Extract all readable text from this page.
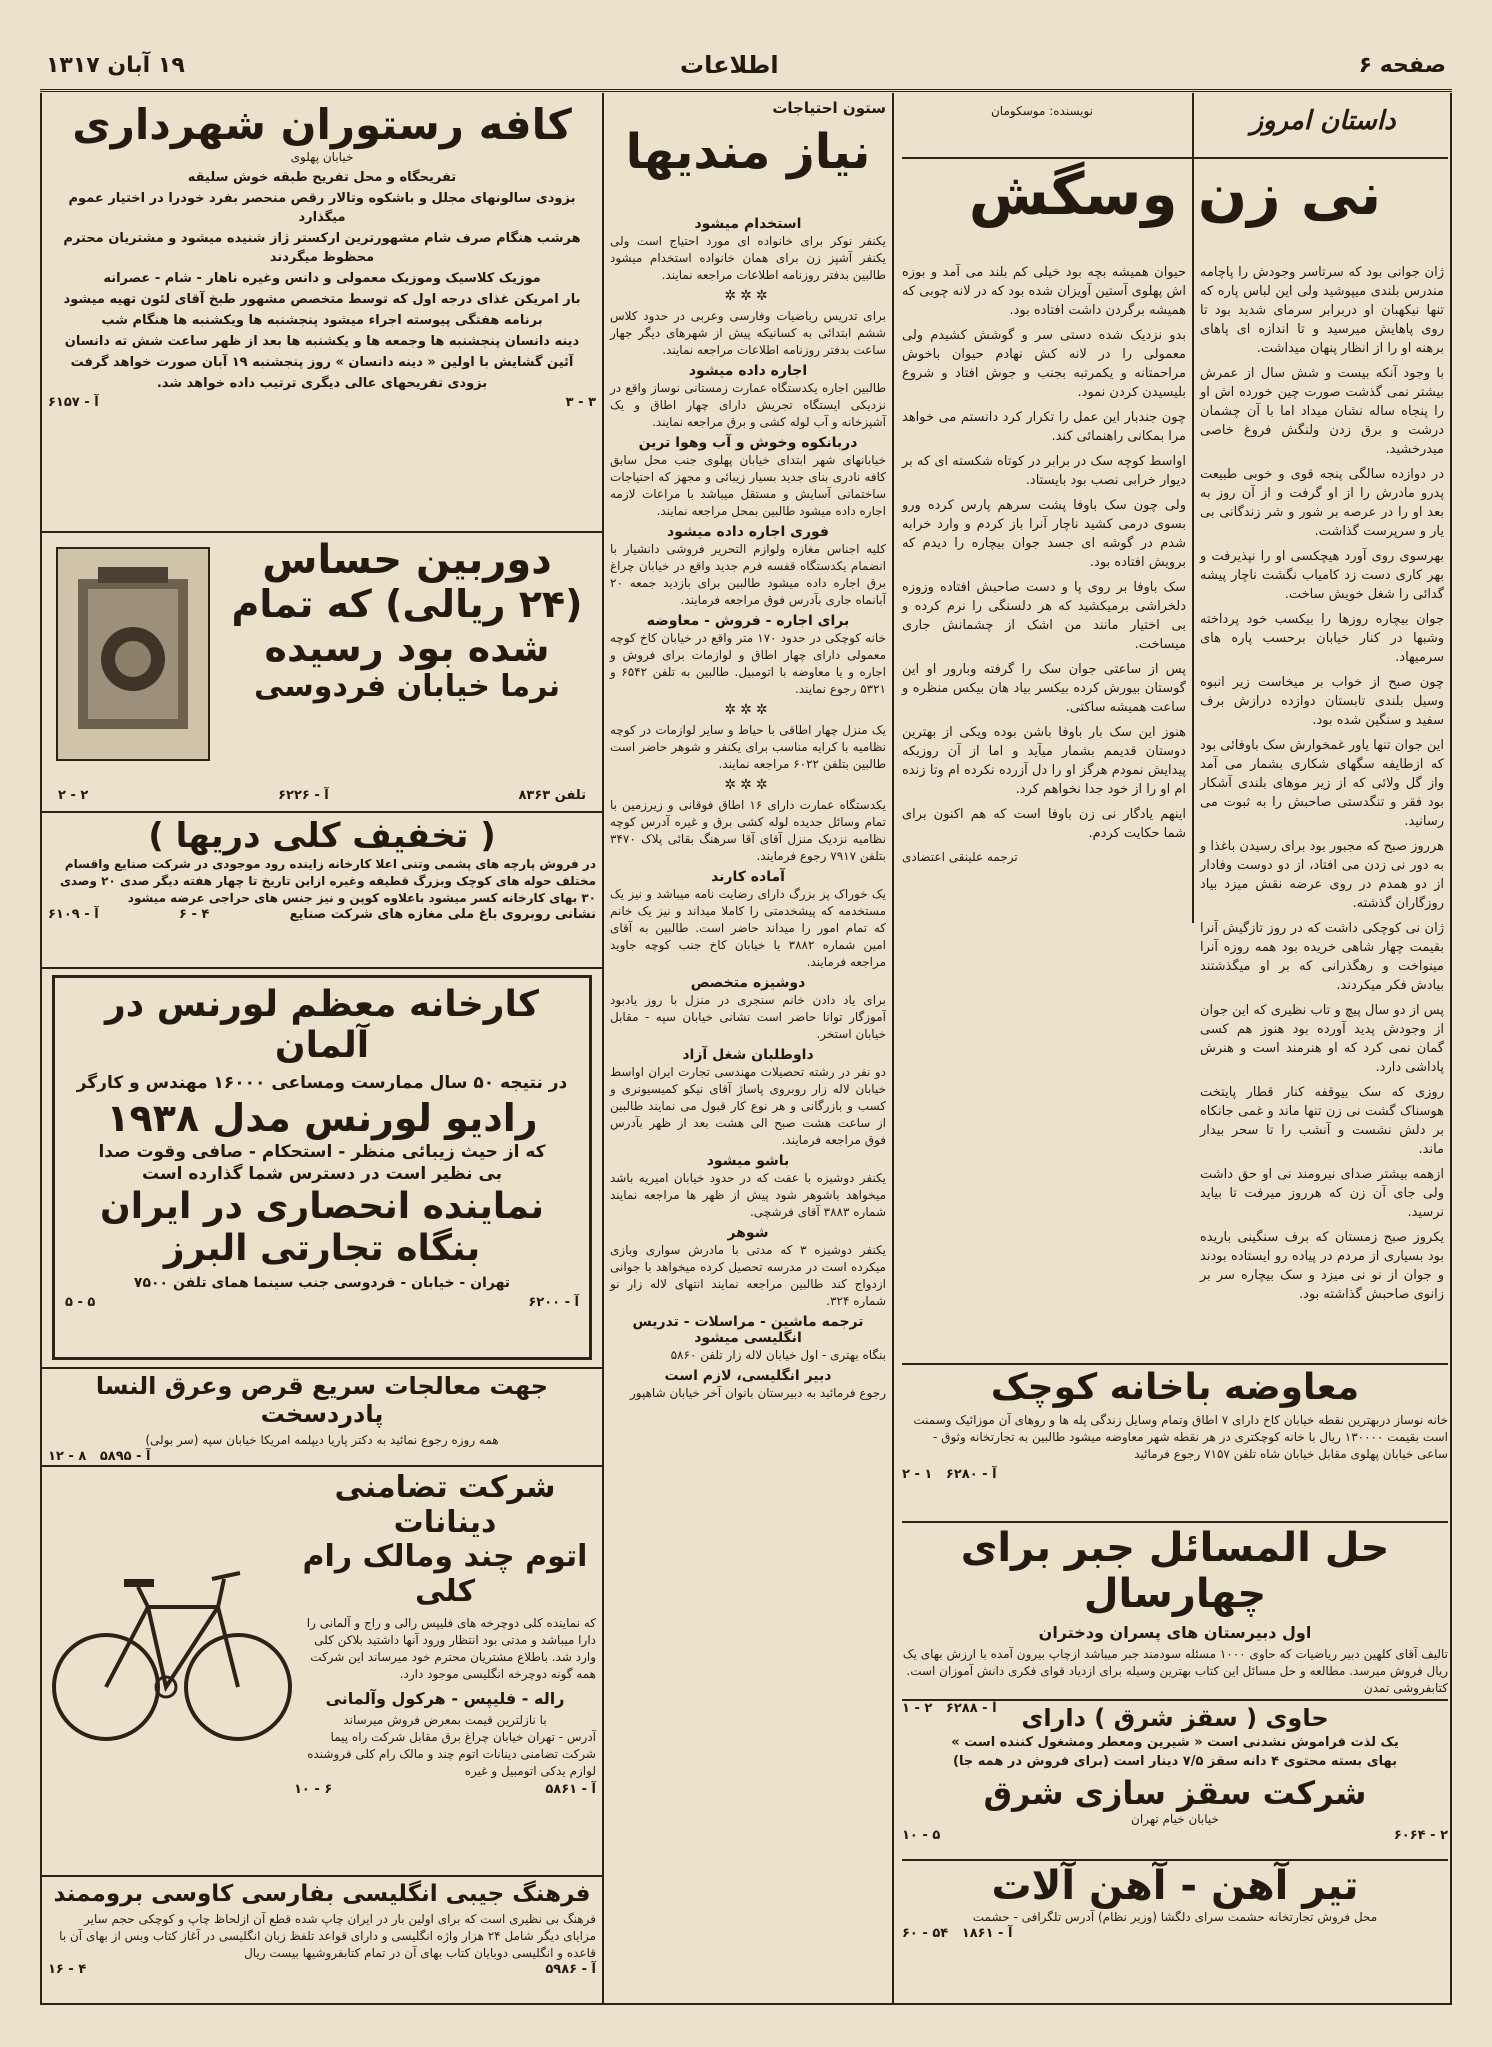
صفحه ۶
اطلاعات
۱۹ آبان ۱۳۱۷
داستان امروز
نویسنده: موسکومان
نی زن وسگش

ژان جوانی بود که سرتاسر وجودش را پاچامه مندرس بلندی میپوشید ولی این لباس پاره که تنها نیکهبان او دربرابر سرمای شدید بود تا روی پاهایش میرسید و تا اندازه ای پاهای برهنه او را از انظار پنهان میداشت.

با وجود آنکه بیست و شش سال از عمرش بیشتر نمی گذشت صورت چین خورده اش او را پنجاه ساله نشان میداد اما با آن چشمان درشت و برق زدن ولنگش فروغ خاصی میدرخشید.

در دوازده سالگی پنجه قوی و خوبی طبیعت پدرو مادرش را از او گرفت و از آن روز به بعد او را در عرصه بر شور و شر زندگانی بی یار و سرپرست گذاشت.

بهرسوی روی آورد هیچکسی او را نپذیرفت و بهر کاری دست زد کامیاب نگشت ناچار پیشه گدائی را شغل خویش ساخت.

جوان بیچاره روزها را بیکسب خود پرداخته وشبها در کنار خیابان برحسب پاره های سرمیهاد.

چون صبح از خواب بر میخاست زیر انبوه وسیل بلندی تابستان دوازده درازش برف سفید و سنگین شده بود.

این جوان تنها یاور غمخوارش سک باوفائی بود که ازطایفه سگهای شکاری بشمار می آمد واز گل ولائی که از زیر موهای بلندی آشکار بود فقر و تنگدستی صاحبش را به ثبوت می رسانید.

هرروز صبح که مجبور بود برای رسیدن باغذا و به دور نی زدن می افتاد، از دو دوست وفادار از دو همدم در روی عرضه نقش میزد بیاد روزگاران گذشته.

ژان نی کوچکی داشت که در روز تازگیش آنرا بقیمت چهار شاهی خریده بود همه روزه آنرا مینواخت و رهگذرانی که بر او میگذشتند بیادش فکر میکردند.

پس از دو سال پیچ و تاب نظیری که این جوان از وجودش پدید آورده بود هنوز هم کسی گمان نمی کرد که او هنرمند است و هنرش پاداشی دارد.

روزی که سک بیوقفه کنار قطار پایتخت هوسناک گشت نی زن تنها ماند و غمی جانکاه بر دلش نشست و آنشب را تا سحر بیدار ماند.

ازهمه بیشتر صدای نیرومند نی او حق داشت ولی جای آن زن که هرروز میرفت تا بیاید نرسید.

یکروز صبح زمستان که برف سنگینی باریده بود بسیاری از مردم در پیاده رو ایستاده بودند و جوان از نو نی میزد و سک بیچاره سر بر زانوی صاحبش گذاشته بود.

حیوان همیشه بچه بود خیلی کم بلند می آمد و بوزه اش پهلوی آستین آویزان شده بود که در لانه چوبی که همیشه برگردن داشت افتاده بود.

بدو نزدیک شده دستی سر و گوشش کشیدم ولی معمولی را در لانه کش نهادم حیوان باخوش مراحمتانه و یکمرتبه بجنب و جوش افتاد و شروع بلیسیدن کردن نمود.

چون جندبار این عمل را تکرار کرد دانستم می خواهد مرا بمکانی راهنمائی کند.

اواسط کوچه سک در برابر در کوتاه شکسته ای که بر دیوار خرابی نصب بود بایستاد.

ولی چون سک باوفا پشت سرهم پارس کرده ورو بسوی درمی کشید ناچار آنرا باز کردم و وارد خرابه شدم در گوشه ای جسد جوان بیچاره را دیدم که برویش افتاده بود.

سک باوفا بر روی پا و دست صاحبش افتاده وزوزه دلخراشی برمیکشید که هر دلسنگی را نرم کرده و بی اختیار مانند من اشک از چشمانش جاری میساخت.

پس از ساعتی جوان سک را گرفته وبارور او این گوستان بیورش کرده بیکسر بیاد هان بیکس منظره و ساعت همیشه ساکتی.

هنوز این سک بار باوفا باشن بوده ویکی از بهترین دوستان قدیمم بشمار میآید و اما از آن روزیکه پیدایش نمودم هرگز او را دل آزرده نکرده ام وتا زنده ام او را از خود جدا نخواهم کرد.

اینهم یادگار نی زن باوفا است که هم اکنون برای شما حکایت کردم.

ترجمه علینقی اعتضادی
معاوضه باخانه کوچک
خانه نوساز دربهترین نقطه خیابان کاخ دارای ۷ اطاق وتمام وسایل زندگی پله ها و روهای آن موزائیک وسمنت است بقیمت ۱۳۰۰۰۰ ریال با خانه کوچکتری در هر نقطه شهر معاوضه میشود طالبین به تجارتخانه وثوق - ساعی خیابان پهلوی مقابل خیابان شاه تلفن ۷۱۵۷ رجوع فرمائید
آ - ۶۲۸۰   ۱ - ۲
حل المسائل جبر برای چهارسال
اول دبیرستان های پسران ودختران
تالیف آقای کلهین دبیر ریاضیات که حاوی ۱۰۰۰ مسئله سودمند جبر میباشد ازچاپ بیرون آمده با ارزش بهای یک ریال فروش میرسد. مطالعه و حل مسائل این کتاب بهترین وسیله برای ازدیاد قوای فکری دانش آموزان است. کتابفروشی تمدن
آ - ۶۲۸۸   ۲ - ۱	حاوی ( سقز شرق ) دارای
یک لذت فراموش نشدنی است « شیرین ومعطر ومشغول کننده است »
بهای بسته محتوی ۴ دانه سقز ۷/۵ دینار است (برای فروش در همه جا)
شرکت سقز سازی شرق
خیابان خیام تهران
۲ - ۶۰۶۴
۵ - ۱۰
تیر آهن - آهن آلات
محل فروش تجارتخانه حشمت سرای دلگشا (وزیر نظام) آدرس تلگرافی - حشمت
آ - ۱۸۶۱   ۵۴ - ۶۰
ستون احتیاجات
نیاز مندیها
استخدام میشود
یکنفر نوکر برای خانواده ای مورد احتیاج است ولی یکنفر آشپز زن برای همان خانواده استخدام میشود طالبین بدفتر روزنامه اطلاعات مراجعه نمایند.
✲✲✲
برای تدریس ریاضیات وفارسی وعربی در حدود کلاس ششم ابتدائی به کسانیکه پیش از شهرهای دیگر جهار ساعت بدفتر روزنامه اطلاعات مراجعه نمایند.
اجاره داده میشود
طالبین اجاره یکدستگاه عمارت زمستانی نوساز واقع در نزدیکی ایستگاه تجریش دارای چهار اطاق و یک آشپزخانه و آب لوله کشی و برق مراجعه نمایند.
دربانکوه وخوش و آب وهوا ترین
خیابانهای شهر ابتدای خیابان پهلوی جنب محل سابق کافه نادری بنای جدید بسیار زیبائی و مجهز که احتیاجات ساختمانی آسایش و مستقل میباشد با مراعات لازمه اجاره داده میشود طالبین بمحل مراجعه نمایند.
فوری اجاره داده میشود
کلیه اجناس مغازه ولوازم التحریر فروشی دانشیار با انضمام یکدستگاه قفسه فرم جدید واقع در خیابان چراغ برق اجاره داده میشود طالبین برای بازدید جمعه ۲۰ آبانماه جاری بآدرس فوق مراجعه فرمایند.
برای اجاره - فروش - معاوضه
خانه کوچکی در حدود ۱۷۰ متر واقع در خیابان کاخ کوچه معمولی دارای چهار اطاق و لوازمات برای فروش و اجاره و یا معاوضه با اتومبیل. طالبین به تلفن ۶۵۴۲ و ۵۳۲۱ رجوع نمایند.
✲✲✲
یک منزل چهار اطاقی با حیاط و سایر لوازمات در کوچه نظامیه با کرایه مناسب برای یکنفر و شوهر حاضر است طالبین بتلفن ۶۰۲۲ مراجعه نمایند.
✲✲✲
یکدستگاه عمارت دارای ۱۶ اطاق فوقانی و زیرزمین با تمام وسائل جدیده لوله کشی برق و غیره آدرس کوچه نظامیه نزدیک منزل آقای آقا سرهنگ بقائی پلاک ۳۴۷۰ بتلفن ۷۹۱۷ رجوع فرمایند.
آماده کارند
یک خوراک پز بزرگ دارای رضایت نامه میباشد و نیز یک مستخدمه که پیشخدمتی را کاملا میداند و نیز یک خانم که تمام امور را میداند حاضر است. طالبین به آقای امین شماره ۳۸۸۲ یا خیابان کاخ جنب کوچه جاوید مراجعه فرمایند.
دوشیزه متخصص
برای یاد دادن خانم سنجری در منزل با روز یادبود آموزگار توانا حاضر است نشانی خیابان سپه - مقابل خیابان استخر.
داوطلبان شغل آزاد
دو نفر در رشته تحصیلات مهندسی تجارت ایران اواسط خیابان لاله زار روبروی پاساژ آقای نیکو کمیسیونری و کسب و بازرگانی و هر نوع کار قبول می نمایند طالبین از ساعت هشت صبح الی هشت بعد از ظهر بآدرس فوق مراجعه فرمایند.
باشو میشود
یکنفر دوشیزه با عفت که در حدود خیابان امیریه باشد میخواهد باشوهر شود پیش از ظهر ها مراجعه نمایند شماره ۳۸۸۳ آقای فرشچی.
شوهر
یکنفر دوشیزه ۳ که مدتی با مادرش سواری وبازی میکرده است در مدرسه تحصیل کرده میخواهد با جوانی ازدواج کند طالبین مراجعه نمایند انتهای لاله زار نو شماره ۳۲۴.
ترجمه ماشین - مراسلات - تدریس انگلیسی میشود
بنگاه بهتری - اول خیابان لاله زار تلفن ۵۸۶۰
دبیر انگلیسی، لازم است
رجوع فرمائید به دبیرستان بانوان آخر خیابان شاهپور
کافه رستوران شهرداری
خیابان پهلوی
تفریحگاه و محل تفریح طبقه خوش سلیقه
بزودی سالونهای مجلل و باشکوه وتالار رقص منحصر بفرد خودرا در اختیار عموم میگذارد
هرشب هنگام صرف شام مشهورترین ارکستر ژاز شنیده میشود و مشتریان محترم محظوظ میگردند
موزیک کلاسیک وموزیک معمولی و دانس وغیره ناهار - شام - عصرانه
بار امریکن غذای درجه اول که توسط متخصص مشهور طبخ آقای لئون تهیه میشود
برنامه هفتگی پیوسته اجراء میشود پنجشنبه ها ویکشنبه ها هنگام شب
دینه دانسان پنجشنبه ها وجمعه ها و یکشنبه ها بعد از ظهر ساعت شش ته دانسان
آئین گشایش با اولین « دینه دانسان » روز پنجشنبه ۱۹ آبان صورت خواهد گرفت
بزودی تفریحهای عالی دیگری ترتیب داده خواهد شد.
۳ - ۳
آ - ۶۱۵۷
دوربین حساس
(۲۴ ریالی) که تمام
شده بود رسیده
نرما خیابان فردوسی
تلفن ۸۳۶۳
آ - ۶۲۲۶
۲ - ۲
( تخفیف کلی دریها )
در فروش پارچه های پشمی وتنی اعلا کارخانه زاینده رود موجودی در شرکت صنایع واقسام مختلف حوله های کوچک وبزرگ قطیفه وغیره ازاین تاریخ تا چهار هفته دیگر صدی ۲۰ وصدی ۳۰ بهای کارخانه کسر میشود باعلاوه کوپن و نیز جنس های حراجی عرضه میشود
نشانی روبروی باغ ملی مغازه های شرکت صنایع
۴ - ۶
آ - ۶۱۰۹
کارخانه معظم لورنس در آلمان
در نتیجه ۵۰ سال ممارست ومساعی ۱۶۰۰۰ مهندس و کارگر
رادیو لورنس مدل ۱۹۳۸
که از حیث زیبائی منظر - استحکام - صافی وقوت صدا
بی نظیر است در دسترس شما گذارده است
نماینده انحصاری در ایران
بنگاه تجارتی البرز
تهران - خیابان - فردوسی جنب سینما همای تلفن ۷۵۰۰
آ - ۶۲۰۰
۵ - ۵
جهت معالجات سریع قرص وعرق النسا پادردسخت
همه روزه رجوع نمائید به دکتر پاریا دیپلمه امریکا خیابان سپه (سر بولی)
آ - ۵۸۹۵   ۸ - ۱۲
شرکت تضامنی دینانات
اتوم چند ومالک رام کلی
که نماینده کلی دوچرخه های فلیپس رالی و راج و آلمانی را دارا میباشد و مدتی بود انتظار ورود آنها داشتید بلاکن کلی وارد شد. باطلاع مشتریان محترم خود میرساند این شرکت همه گونه دوچرخه انگلیسی موجود دارد.
راله - فلیپس - هرکول وآلمانی
با نازلترین قیمت بمعرض فروش میرساند
آدرس - تهران خیابان چراغ برق مقابل شرکت راه پیما شرکت تضامنی دینانات اتوم چند و مالک رام کلی فروشنده لوازم یدکی اتومبیل و غیره
آ - ۵۸۶۱
۶ - ۱۰
فرهنگ جیبی انگلیسی بفارسی کاوسی بروممند
فرهنگ بی نظیری است که برای اولین بار در ایران چاپ شده قطع آن ازلحاظ چاپ و کوچکی حجم سایر مزایای دیگر شامل ۲۴ هزار واژه انگلیسی و دارای قواعد تلفظ زبان انگلیسی در آغاز کتاب وبس از بهای آن با قاعده و انگلیسی دوبایان کتاب بهای آن در تمام کتابفروشیها بیست ریال
آ - ۵۹۸۶
۴ - ۱۶
